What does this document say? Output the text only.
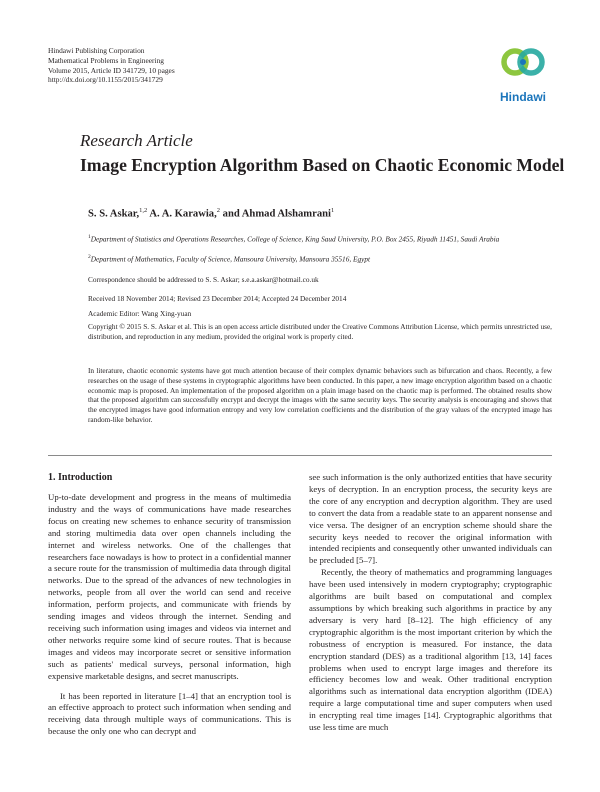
Hindawi Publishing Corporation
Mathematical Problems in Engineering
Volume 2015, Article ID 341729, 10 pages
http://dx.doi.org/10.1155/2015/341729
Hindawi
Research Article
Image Encryption Algorithm Based on Chaotic Economic Model
S. S. Askar,$^{1,2}$ A. A. Karawia,$^2$ and Ahmad Alshamrani$^1$
$^1$Department of Statistics and Operations Researches, College of Science, King Saud University, P.O. Box 2455, Riyadh 11451, Saudi Arabia
$^2$Department of Mathematics, Faculty of Science, Mansoura University, Mansoura 35516, Egypt
Correspondence should be addressed to S. S. Askar; s.e.a.askar@hotmail.co.uk
Received 18 November 2014; Revised 23 December 2014; Accepted 24 December 2014
Academic Editor: Wang Xing-yuan
Copyright © 2015 S. S. Askar et al. This is an open access article distributed under the Creative Commons Attribution License, which permits unrestricted use, distribution, and reproduction in any medium, provided the original work is properly cited.
In literature, chaotic economic systems have got much attention because of their complex dynamic behaviors such as bifurcation and chaos. Recently, a few researches on the usage of these systems in cryptographic algorithms have been conducted. In this paper, a new image encryption algorithm based on a chaotic economic map is proposed. An implementation of the proposed algorithm on a plain image based on the chaotic map is performed. The obtained results show that the proposed algorithm can successfully encrypt and decrypt the images with the same security keys. The security analysis is encouraging and shows that the encrypted images have good information entropy and very low correlation coefficients and the distribution of the gray values of the encrypted image has random-like behavior.
1. Introduction

Up-to-date development and progress in the means of multimedia industry and the ways of communications have made researches focus on creating new schemes to enhance security of transmission and storing multimedia data over open channels including the internet and wireless networks. One of the challenges that researchers face nowadays is how to protect in a confidential manner a secure route for the transmission of multimedia data through digital networks. Due to the spread of the advances of new technologies in networks, people from all over the world can send and receive information, perform projects, and communicate with friends by sending images and videos through the internet. Sending and receiving such information using images and videos via internet and other networks require some kind of secure routes. That is because images and videos may incorporate secret or sensitive information such as patients' medical surveys, personal information, high expensive marketable designs, and secret manuscripts.

It has been reported in literature [1–4] that an encryption tool is an effective approach to protect such information when sending and receiving data through multiple ways of communications. This is because the only one who can decrypt and

see such information is the only authorized entities that have security keys of decryption. In an encryption process, the security keys are the core of any encryption and decryption algorithm. They are used to convert the data from a readable state to an apparent nonsense and vice versa. The designer of an encryption scheme should share the security keys needed to recover the original information with intended recipients and consequently other unwanted individuals can be precluded [5–7].

Recently, the theory of mathematics and programming languages have been used intensively in modern cryptography; cryptographic algorithms are built based on computational and complex assumptions by which breaking such algorithms in practice by any adversary is very hard [8–12]. The high efficiency of any cryptographic algorithm is the most important criterion by which the robustness of encryption is measured. For instance, the data encryption standard (DES) as a traditional algorithm [13, 14] faces problems when used to encrypt large images and therefore its efficiency becomes low and weak. Other traditional encryption algorithms such as international data encryption algorithm (IDEA) require a large computational time and super computers when used in encrypting real time images [14]. Cryptographic algorithms that use less time are much
